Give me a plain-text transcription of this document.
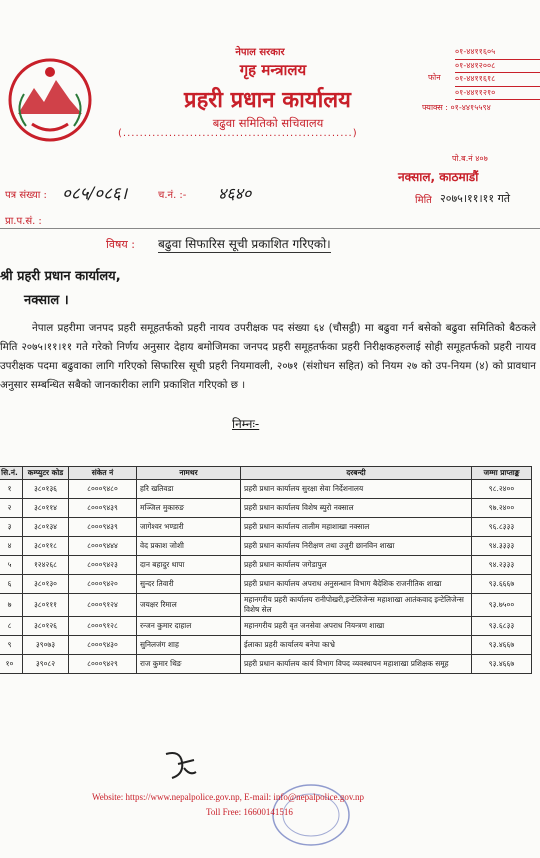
नेपाल सरकार
गृह मन्त्रालय
प्रहरी प्रधान कार्यालय
बढुवा समितिको सचिवालय
(.......................................................)
०१-४४११६०५
०१-४४१२००८
०१-४४११६१८
०१-४४११२१०
फोन
फ्याक्स : ०१-४४१५५९४
पो.ब.नं ४०७
नक्साल, काठमाडौं
पत्र संख्या : ०८५/०८६।	च.नं. :- ४६४०	मिति २०७५।११।११ गते
प्रा.प.सं. :
विषय : बढुवा सिफारिस सूची प्रकाशित गरिएको।
श्री प्रहरी प्रधान कार्यालय,
नक्साल ।
नेपाल प्रहरीमा जनपद प्रहरी समूहतर्फको प्रहरी नायव उपरीक्षक पद संख्या ६४ (चौसट्ठी) मा बढुवा गर्न बसेको बढुवा समितिको बैठकले मिति २०७५।११।११ गते गरेको निर्णय अनुसार देहाय बमोजिमका जनपद प्रहरी समूहतर्फका प्रहरी निरीक्षकहरुलाई सोही समूहतर्फको प्रहरी नायव उपरीक्षक पदमा बढुवाका लागि गरिएको सिफारिस सूची प्रहरी नियमावली, २०७१ (संशोधन सहित) को नियम २७ को उप-नियम (४) को प्रावधान अनुसार सम्बन्धित सबैको जानकारीका लागि प्रकाशित गरिएको छ ।
निम्नः-
सि.नं.	कम्प्युटर कोड	संकेत नं	नामथर	दरबन्दी	जम्मा प्राप्ताङ्क
१	३८०१३६	८०००९४८०	हरि खतिवडा	प्रहरी प्रधान कार्यालय सुरक्षा सेवा निर्देशनालय	९८.२४००
२	३८०११४	८०००९४३९	मञ्जिल मुकारुङ	प्रहरी प्रधान कार्यालय विशेष ब्युरो नक्साल	९७.२४००
३	३८०१३४	८०००९४३९	जागेश्वर भण्डारी	प्रहरी प्रधान कार्यालय तालीम महाशाखा नक्साल	९६.८३३३
४	३८०११८	८०००९४४४	वेद प्रकाश जोशी	प्रहरी प्रधान कार्यालय निरीक्षण तथा उजुरी छानविन शाखा	९४.३३३३
५	१२४२६८	८०००९४२३	दान बहादुर थापा	प्रहरी प्रधान कार्यालय जगेडापुल	९४.२३३३
६	३८०१३०	८०००९४२०	सुन्दर तिवारी	प्रहरी प्रधान कार्यालय अपराध अनुसन्धान विभाग बैदेशिक राजनीतिक शाखा	९३.६६६७
७	३८०१११	८०००९१२४	जयक्षर रिमाल	महानगरीय प्रहरी कार्यालय रानीपोखरी,इन्टेलिजेन्स महाशाखा आतंकवाद इन्टेलिजेन्स विशेष सेल	९३.७५००
८	३८०१२६	८०००९१२८	रन्जन कुमार दाहाल	महानगरीय प्रहरी वृत जनसेवा अपराध नियन्त्रण शाखा	९३.६८३३
९	३९०७३	८०००९४३०	सुनिलजंग शाह	ईलाका प्रहरी कार्यालय बनेपा काभ्रे	९३.४६६७
१०	३९०८२	८०००९४२९	राज कुमार थिङ	प्रहरी प्रधान कार्यालय कार्य विभाग विपद व्यवस्थापन महाशाखा प्रशिक्षक समूह	९३.४६६७
Website: https://www.nepalpolice.gov.np, E-mail: info@nepalpolice.gov.np
Toll Free: 16600141516
